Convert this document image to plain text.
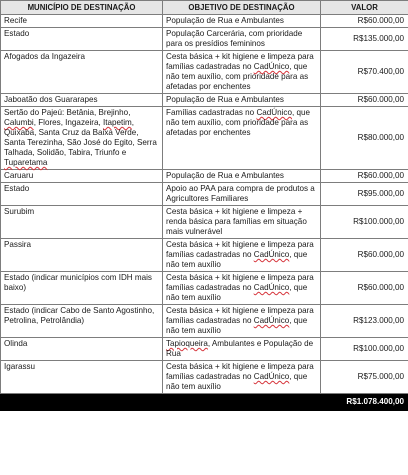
MUNICÍPIO DE DESTINAÇÃO	OBJETIVO DE DESTINAÇÃO	VALOR
Recife	População de Rua e Ambulantes	R$60.000,00
Estado	População Carcerária, com prioridade para os presídios femininos	R$135.000,00
Afogados da Ingazeira	Cesta básica + kit higiene e limpeza para famílias cadastradas no CadÚnico, que não tem auxílio, com prioridade para as afetadas por enchentes	R$70.400,00
Jaboatão dos Guararapes	População de Rua e Ambulantes	R$60.000,00
Sertão do Pajeú: Betânia, Brejinho, Calumbi, Flores, Ingazeira, Itapetim, Quixaba, Santa Cruz da Baixa Verde, Santa Terezinha, São José do Egito, Serra Talhada, Solidão, Tabira, Triunfo e Tuparetama	Famílias cadastradas no CadÚnico, que não tem auxílio, com prioridade para as afetadas por enchentes	R$80.000,00
Caruaru	População de Rua e Ambulantes	R$60.000,00
Estado	Apoio ao PAA para compra de produtos a Agricultores Familiares	R$95.000,00
Surubim	Cesta básica + kit higiene e limpeza + renda básica para famílias em situação mais vulnerável	R$100.000,00
Passira	Cesta básica + kit higiene e limpeza para famílias cadastradas no CadÚnico, que não tem auxílio	R$60.000,00
Estado (indicar municípios com IDH mais baixo)	Cesta básica + kit higiene e limpeza para famílias cadastradas no CadÚnico, que não tem auxílio	R$60.000,00
Estado (indicar Cabo de Santo Agostinho, Petrolina, Petrolândia)	Cesta básica + kit higiene e limpeza para famílias cadastradas no CadÚnico, que não tem auxílio	R$123.000,00
Olinda	Tapioqueira, Ambulantes e População de Rua	R$100.000,00
Igarassu	Cesta básica + kit higiene e limpeza para famílias cadastradas no CadÚnico, que não tem auxílio	R$75.000,00
		R$1.078.400,00
